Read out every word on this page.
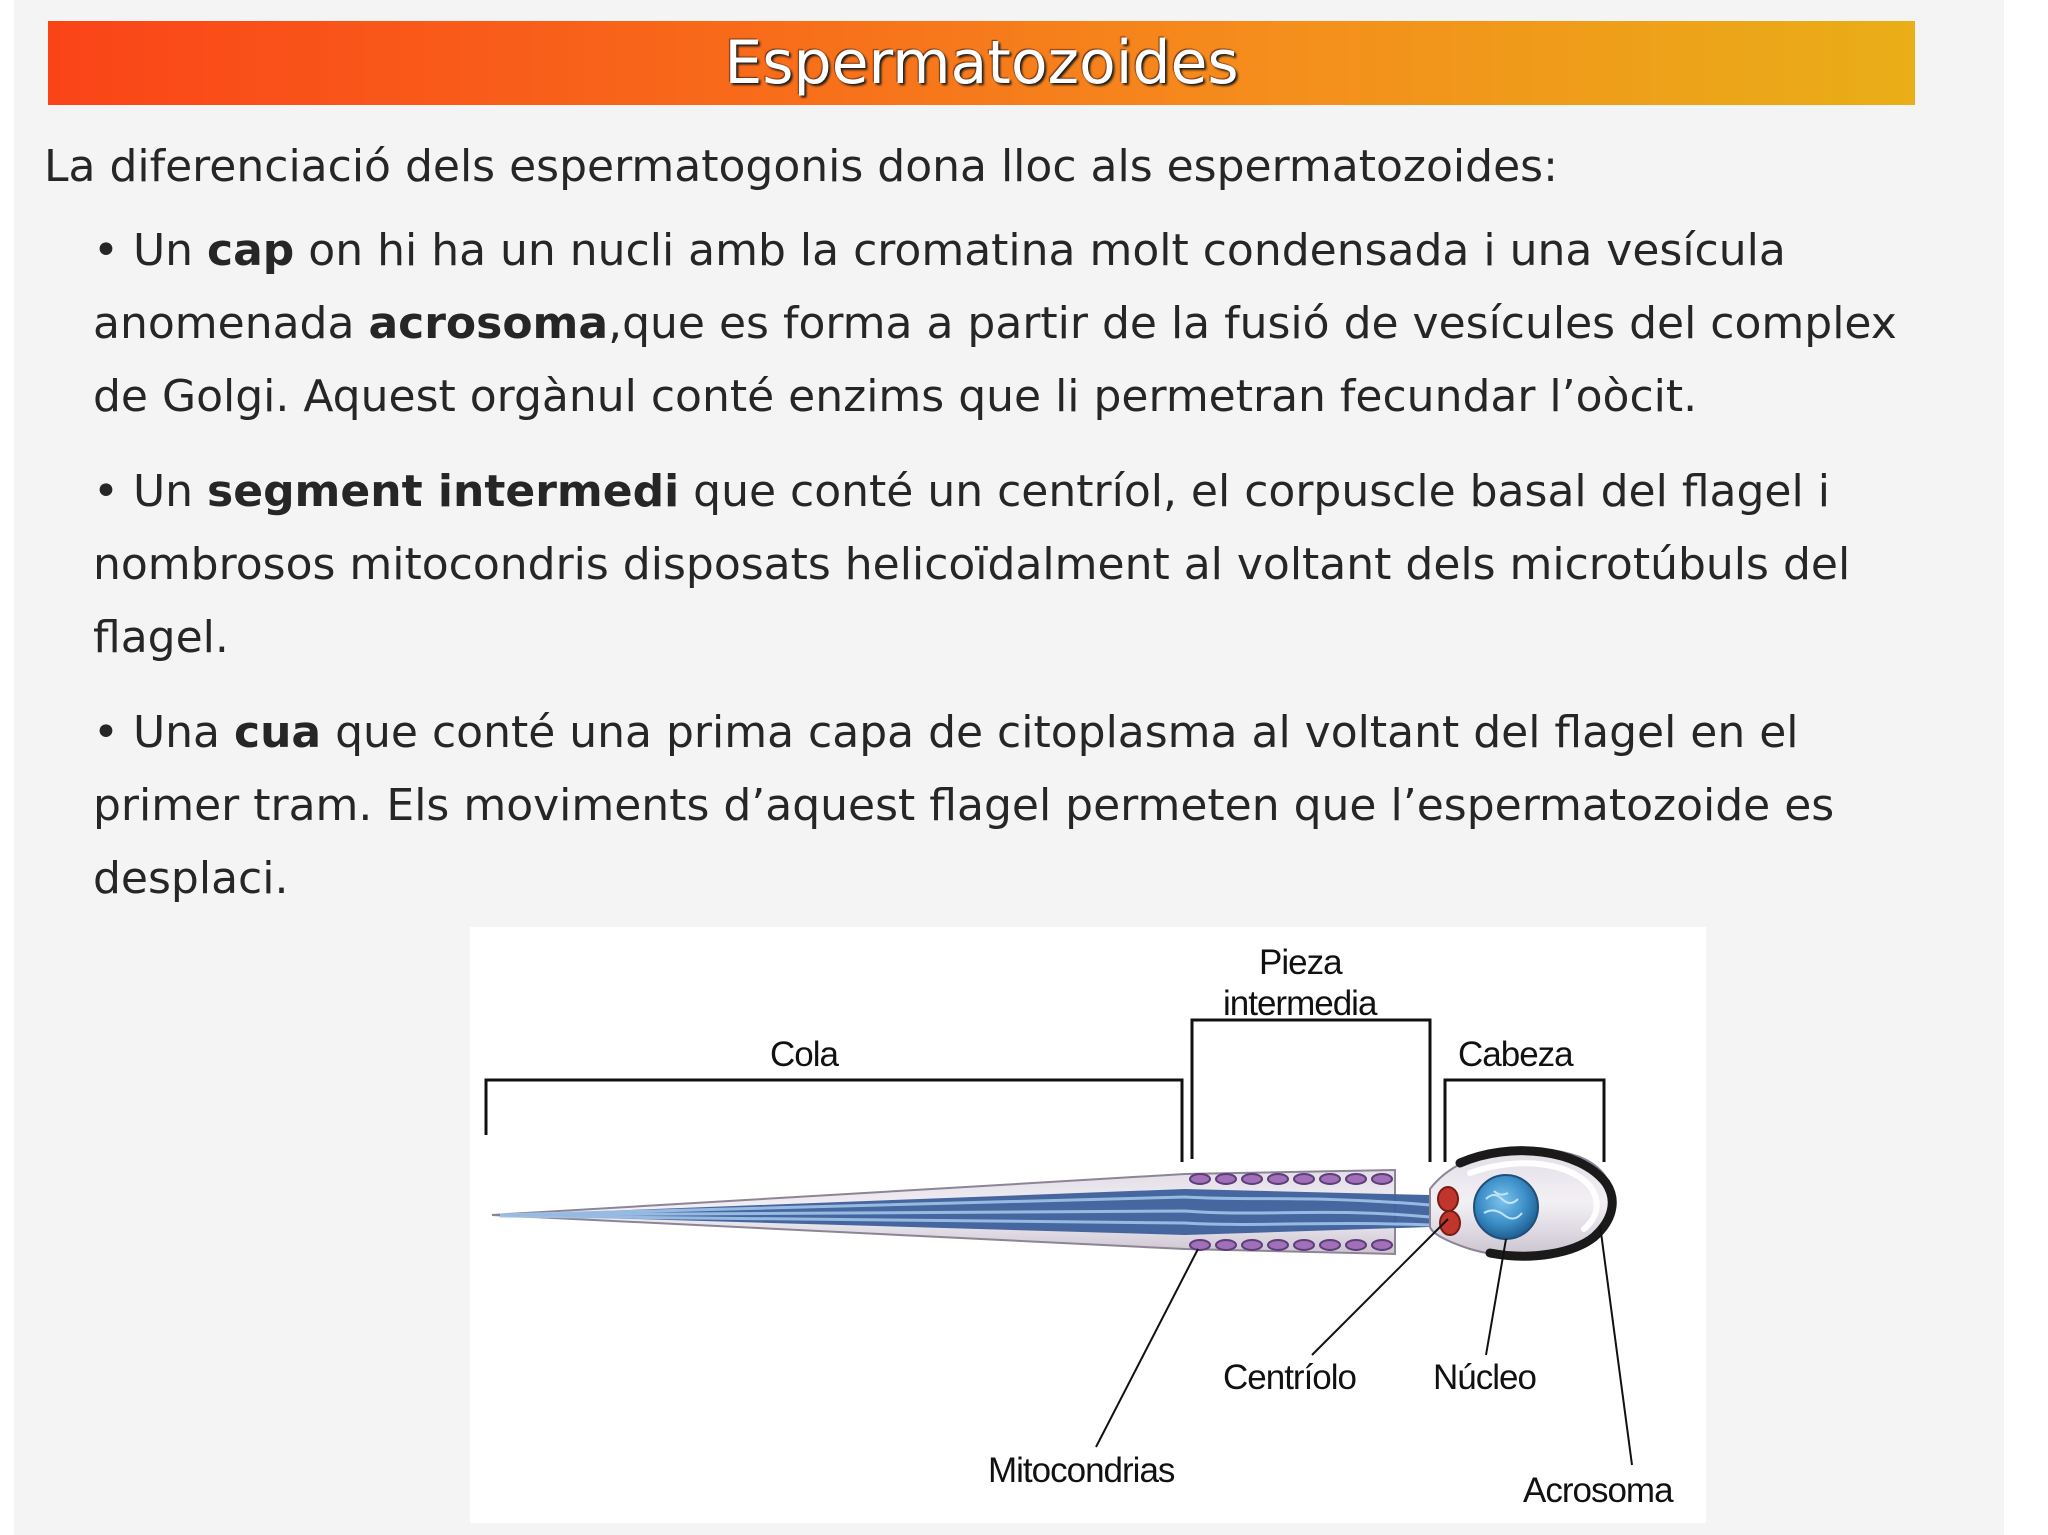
Espermatozoides
La diferenciació dels espermatogonis dona lloc als espermatozoides:
• Un cap on hi ha un nucli amb la cromatina molt condensada i una vesícula
anomenada acrosoma,que es forma a partir de la fusió de vesícules del complex
de Golgi. Aquest orgànul conté enzims que li permetran fecundar l’oòcit.
• Un segment intermedi que conté un centríol, el corpuscle basal del flagel i
nombrosos mitocondris disposats helicoïdalment al voltant dels microtúbuls del
flagel.
• Una cua que conté una prima capa de citoplasma al voltant del flagel en el
primer tram. Els moviments d’aquest flagel permeten que l’espermatozoide es
desplaci.
Cola
Pieza
intermedia
Cabeza
Centríolo Núcleo
Mitocondrias
Acrosoma
